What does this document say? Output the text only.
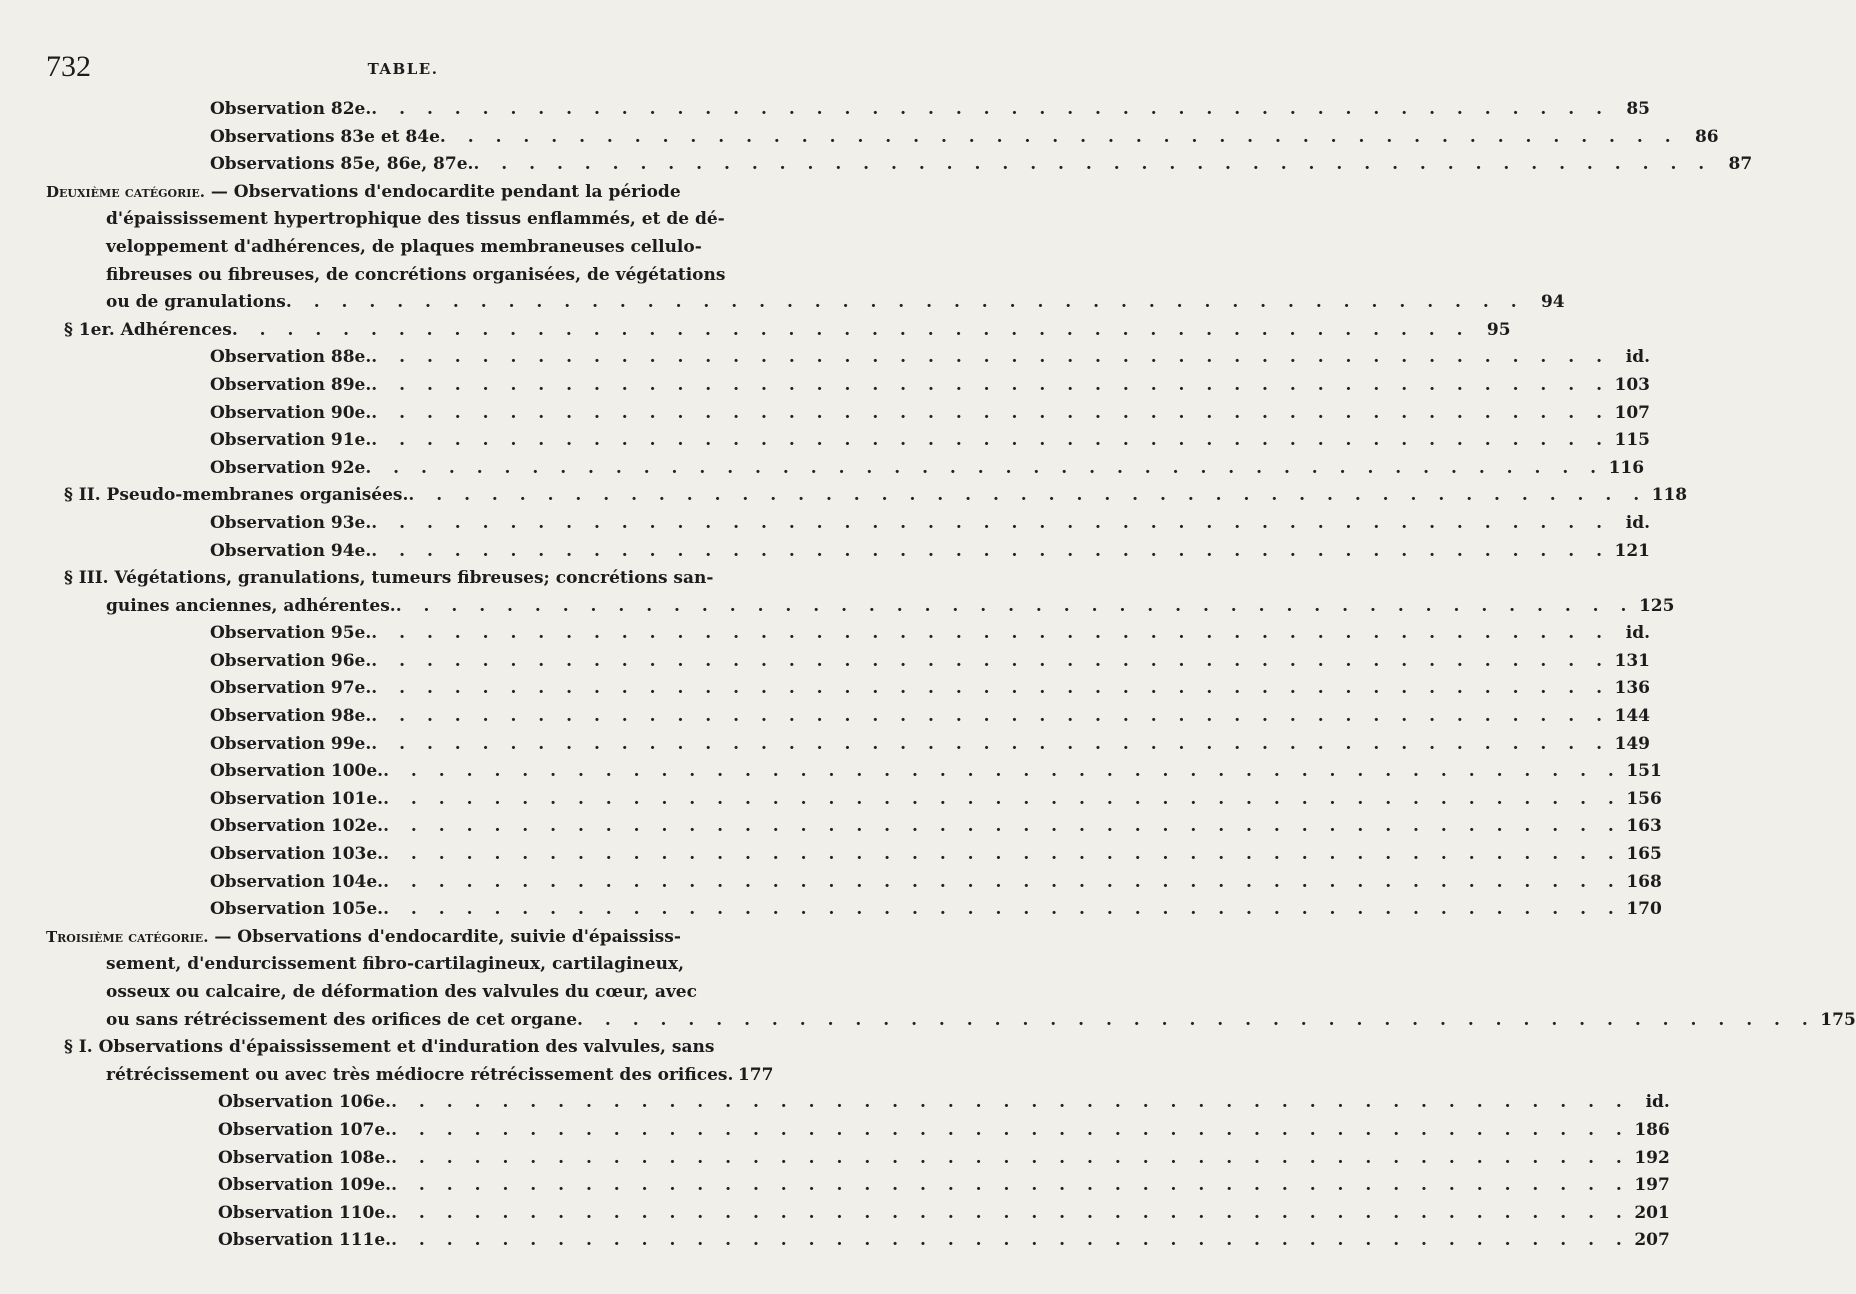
732	TABLE.
Observation 82e. . . . . . . . . . . . . . . . . . . . . . . . . . . . . . . . . . . . . . . . . . . . . . 85
Observations 83e et 84e . . . . . . . . . . . . . . . . . . . . . . . . . . . . . . . . . . . . . . . . . . . . . 86
Observations 85e, 86e, 87e. . . . . . . . . . . . . . . . . . . . . . . . . . . . . . . . . . . . . . . . . . . . . . 87
Deuxième catégorie. — Observations d'endocardite pendant la période
d'épaississement hypertrophique des tissus enflammés, et de dé-
veloppement d'adhérences, de plaques membraneuses cellulo-
fibreuses ou fibreuses, de concrétions organisées, de végétations
ou de granulations . . . . . . . . . . . . . . . . . . . . . . . . . . . . . . . . . . . . . . . . . . . . . 94
§ 1er. Adhérences . . . . . . . . . . . . . . . . . . . . . . . . . . . . . . . . . . . . . . . . . . . . . 95
Observation 88e. . . . . . . . . . . . . . . . . . . . . . . . . . . . . . . . . . . . . . . . . . . . . . id.
Observation 89e. . . . . . . . . . . . . . . . . . . . . . . . . . . . . . . . . . . . . . . . . . . . . . 103
Observation 90e. . . . . . . . . . . . . . . . . . . . . . . . . . . . . . . . . . . . . . . . . . . . . . 107
Observation 91e. . . . . . . . . . . . . . . . . . . . . . . . . . . . . . . . . . . . . . . . . . . . . . 115
Observation 92e . . . . . . . . . . . . . . . . . . . . . . . . . . . . . . . . . . . . . . . . . . . . . 116
§ II. Pseudo-membranes organisées. . . . . . . . . . . . . . . . . . . . . . . . . . . . . . . . . . . . . . . . . . . . . . 118
Observation 93e. . . . . . . . . . . . . . . . . . . . . . . . . . . . . . . . . . . . . . . . . . . . . . id.
Observation 94e. . . . . . . . . . . . . . . . . . . . . . . . . . . . . . . . . . . . . . . . . . . . . . 121
§ III. Végétations, granulations, tumeurs fibreuses; concrétions san-
guines anciennes, adhérentes. . . . . . . . . . . . . . . . . . . . . . . . . . . . . . . . . . . . . . . . . . . . . . 125
Observation 95e. . . . . . . . . . . . . . . . . . . . . . . . . . . . . . . . . . . . . . . . . . . . . . id.
Observation 96e. . . . . . . . . . . . . . . . . . . . . . . . . . . . . . . . . . . . . . . . . . . . . . 131
Observation 97e. . . . . . . . . . . . . . . . . . . . . . . . . . . . . . . . . . . . . . . . . . . . . . 136
Observation 98e. . . . . . . . . . . . . . . . . . . . . . . . . . . . . . . . . . . . . . . . . . . . . . 144
Observation 99e. . . . . . . . . . . . . . . . . . . . . . . . . . . . . . . . . . . . . . . . . . . . . . 149
Observation 100e. . . . . . . . . . . . . . . . . . . . . . . . . . . . . . . . . . . . . . . . . . . . . . 151
Observation 101e. . . . . . . . . . . . . . . . . . . . . . . . . . . . . . . . . . . . . . . . . . . . . . 156
Observation 102e. . . . . . . . . . . . . . . . . . . . . . . . . . . . . . . . . . . . . . . . . . . . . . 163
Observation 103e. . . . . . . . . . . . . . . . . . . . . . . . . . . . . . . . . . . . . . . . . . . . . . 165
Observation 104e. . . . . . . . . . . . . . . . . . . . . . . . . . . . . . . . . . . . . . . . . . . . . . 168
Observation 105e. . . . . . . . . . . . . . . . . . . . . . . . . . . . . . . . . . . . . . . . . . . . . . 170
Troisième catégorie. — Observations d'endocardite, suivie d'épaississ-
sement, d'endurcissement fibro-cartilagineux, cartilagineux,
osseux ou calcaire, de déformation des valvules du cœur, avec
ou sans rétrécissement des orifices de cet organe . . . . . . . . . . . . . . . . . . . . . . . . . . . . . . . . . . . . . . . . . . . . . 175
§ I. Observations d'épaississement et d'induration des valvules, sans
rétrécissement ou avec très médiocre rétrécissement des orifices. 177
Observation 106e. . . . . . . . . . . . . . . . . . . . . . . . . . . . . . . . . . . . . . . . . . . . . . id.
Observation 107e. . . . . . . . . . . . . . . . . . . . . . . . . . . . . . . . . . . . . . . . . . . . . . 186
Observation 108e. . . . . . . . . . . . . . . . . . . . . . . . . . . . . . . . . . . . . . . . . . . . . . 192
Observation 109e. . . . . . . . . . . . . . . . . . . . . . . . . . . . . . . . . . . . . . . . . . . . . . 197
Observation 110e. . . . . . . . . . . . . . . . . . . . . . . . . . . . . . . . . . . . . . . . . . . . . . 201
Observation 111e. . . . . . . . . . . . . . . . . . . . . . . . . . . . . . . . . . . . . . . . . . . . . . 207
